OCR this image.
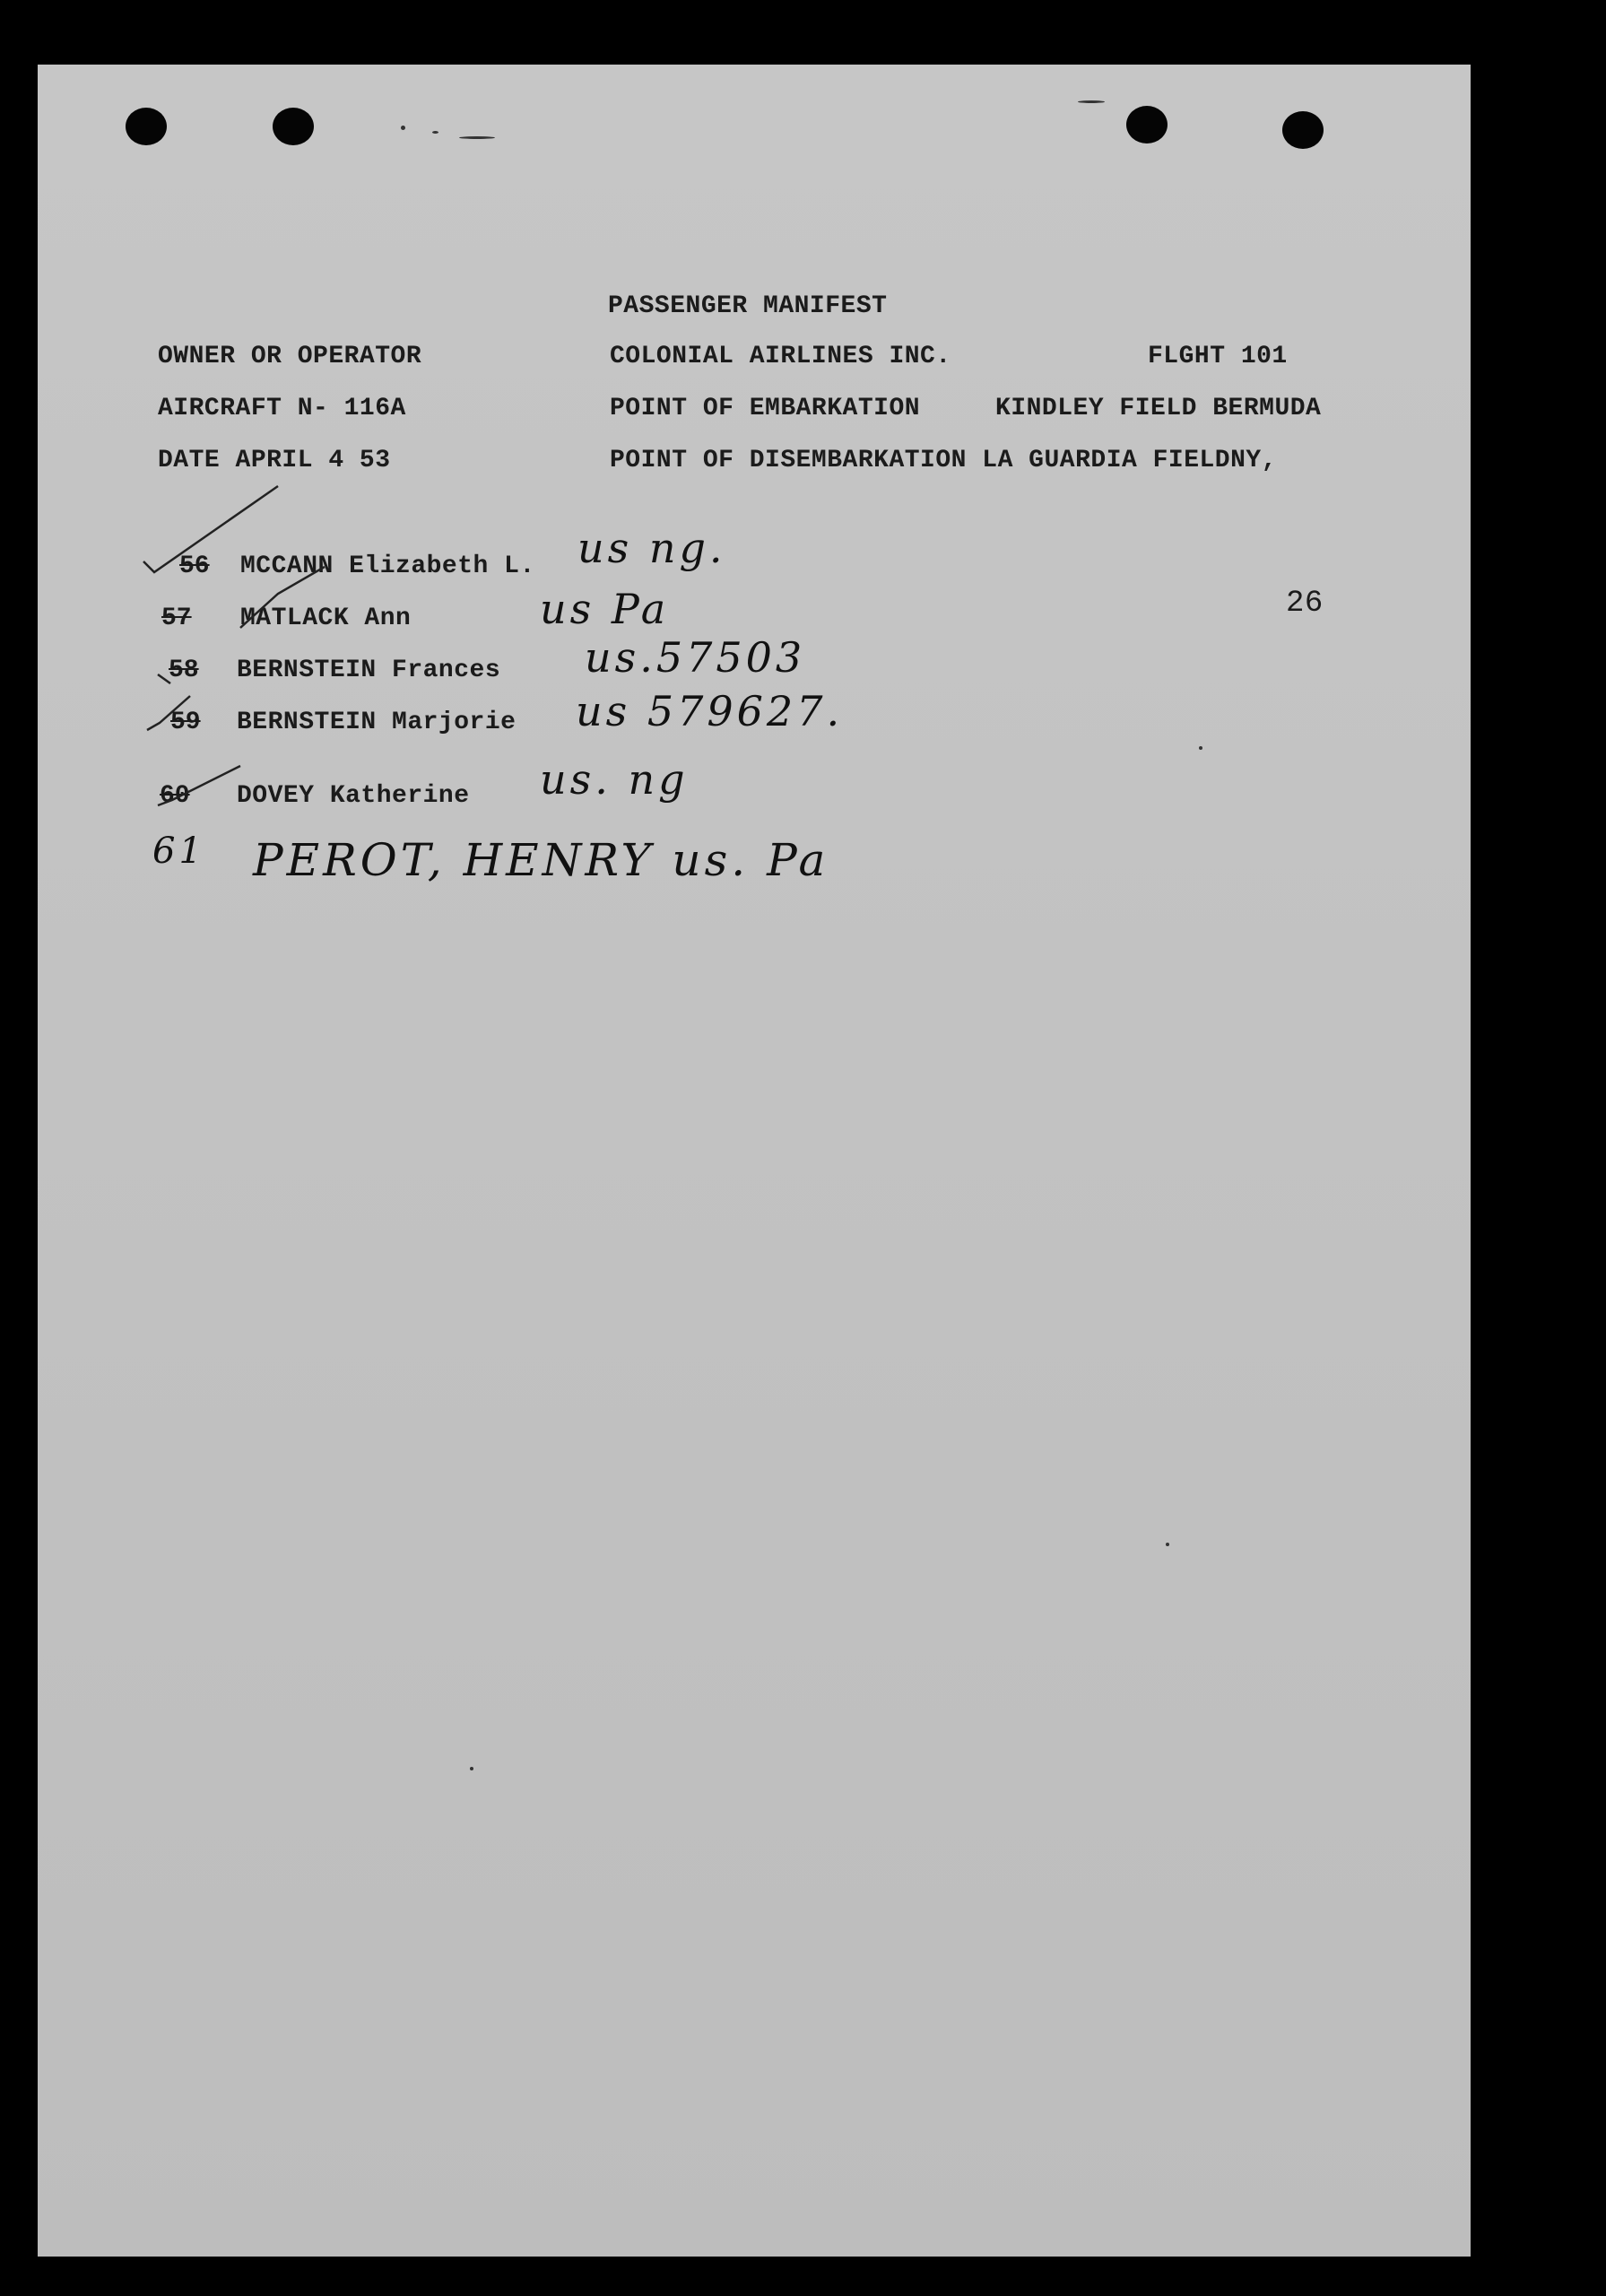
PASSENGER MANIFEST
OWNER OR OPERATOR	COLONIAL AIRLINES INC.	FLGHT 101
AIRCRAFT N- 116A	POINT OF EMBARKATION	KINDLEY FIELD BERMUDA
DATE APRIL 4 53	POINT OF DISEMBARKATION LA GUARDIA FIELDNY,
26
56 MCCANN Elizabeth L. us ng.
57 MATLACK Ann	us Pa
58 BERNSTEIN Frances us.57503
59 BERNSTEIN Marjorie us 579627.
60 DOVEY Katherine us. ng
61 PEROT, HENRY us. Pa
